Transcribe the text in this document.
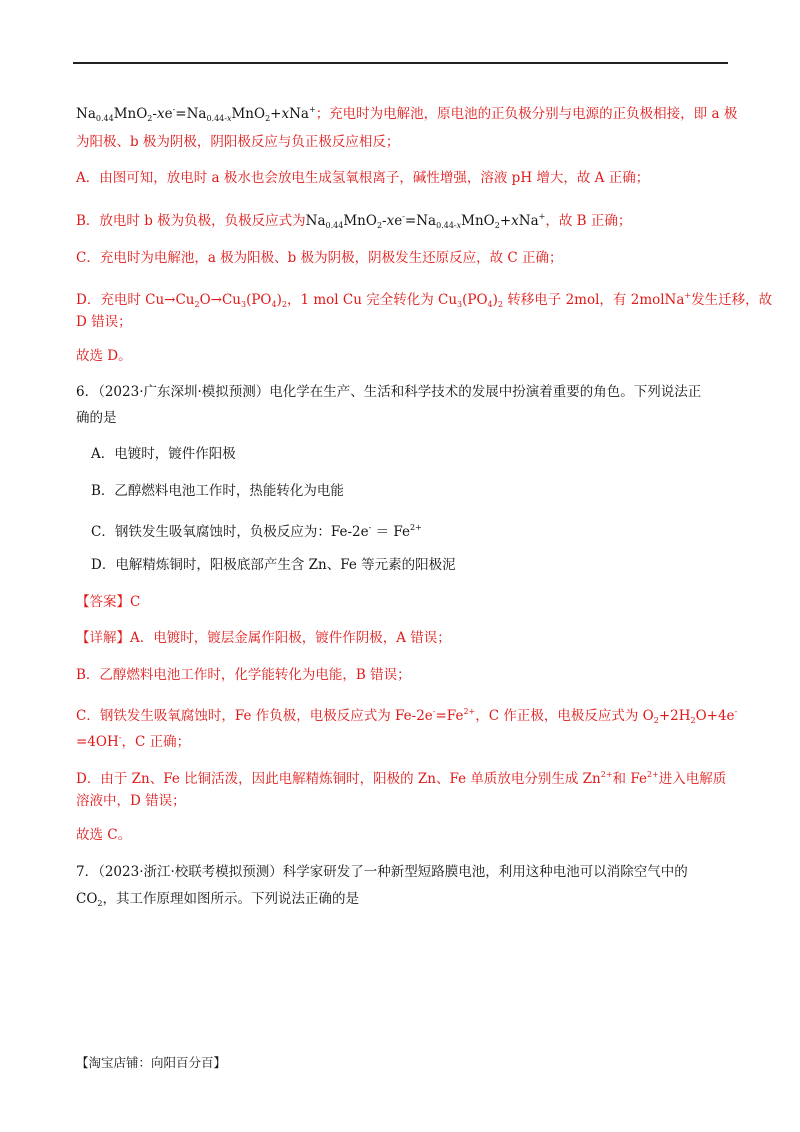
$Na_{0.44}MnO_2-xe^-=Na_{0.44-x}MnO_2+xNa^+$；充电时为电解池，原电池的正负极分别与电源的正负极相接，即 a 极
为阳极、b 极为阴极，阴阳极反应与负正极反应相反；
A．由图可知，放电时 a 极水也会放电生成氢氧根离子，碱性增强，溶液 pH 增大，故 A 正确；
B．放电时 b 极为负极，负极反应式为$Na_{0.44}MnO_2-xe^-=Na_{0.44-x}MnO_2+xNa^+$，故 B 正确；
C．充电时为电解池，a 极为阳极、b 极为阴极，阴极发生还原反应，故 C 正确；
D．充电时 $Cu\to Cu_2O\to Cu_3(PO_4)_2$，1 mol Cu 完全转化为 $Cu_3(PO_4)_2$ 转移电子 2mol，有 2molNa+发生迁移，故
D 错误；
故选 D。
6．（2023·广东深圳·模拟预测）电化学在生产、生活和科学技术的发展中扮演着重要的角色。下列说法正
确的是
A．电镀时，镀件作阳极
B．乙醇燃料电池工作时，热能转化为电能
C．钢铁发生吸氧腐蚀时，负极反应为：$Fe-2e^- = Fe^{2+}$
D．电解精炼铜时，阳极底部产生含 Zn、Fe 等元素的阳极泥
【答案】C
【详解】A．电镀时，镀层金属作阳极，镀件作阴极，A 错误；
B．乙醇燃料电池工作时，化学能转化为电能，B 错误；
C．钢铁发生吸氧腐蚀时，Fe 作负极，电极反应式为 $Fe-2e^-=Fe^{2+}$，C 作正极，电极反应式为 $O_2+2H_2O+4e^-$
=4OH-，C 正确；
D．由于 Zn、Fe 比铜活泼，因此电解精炼铜时，阳极的 Zn、Fe 单质放电分别生成 $Zn^{2+}$和 $Fe^{2+}$进入电解质
溶液中，D 错误；
故选 C。
7．（2023·浙江·校联考模拟预测）科学家研发了一种新型短路膜电池，利用这种电池可以消除空气中的
$CO_2$，其工作原理如图所示。下列说法正确的是
【淘宝店铺：向阳百分百】
